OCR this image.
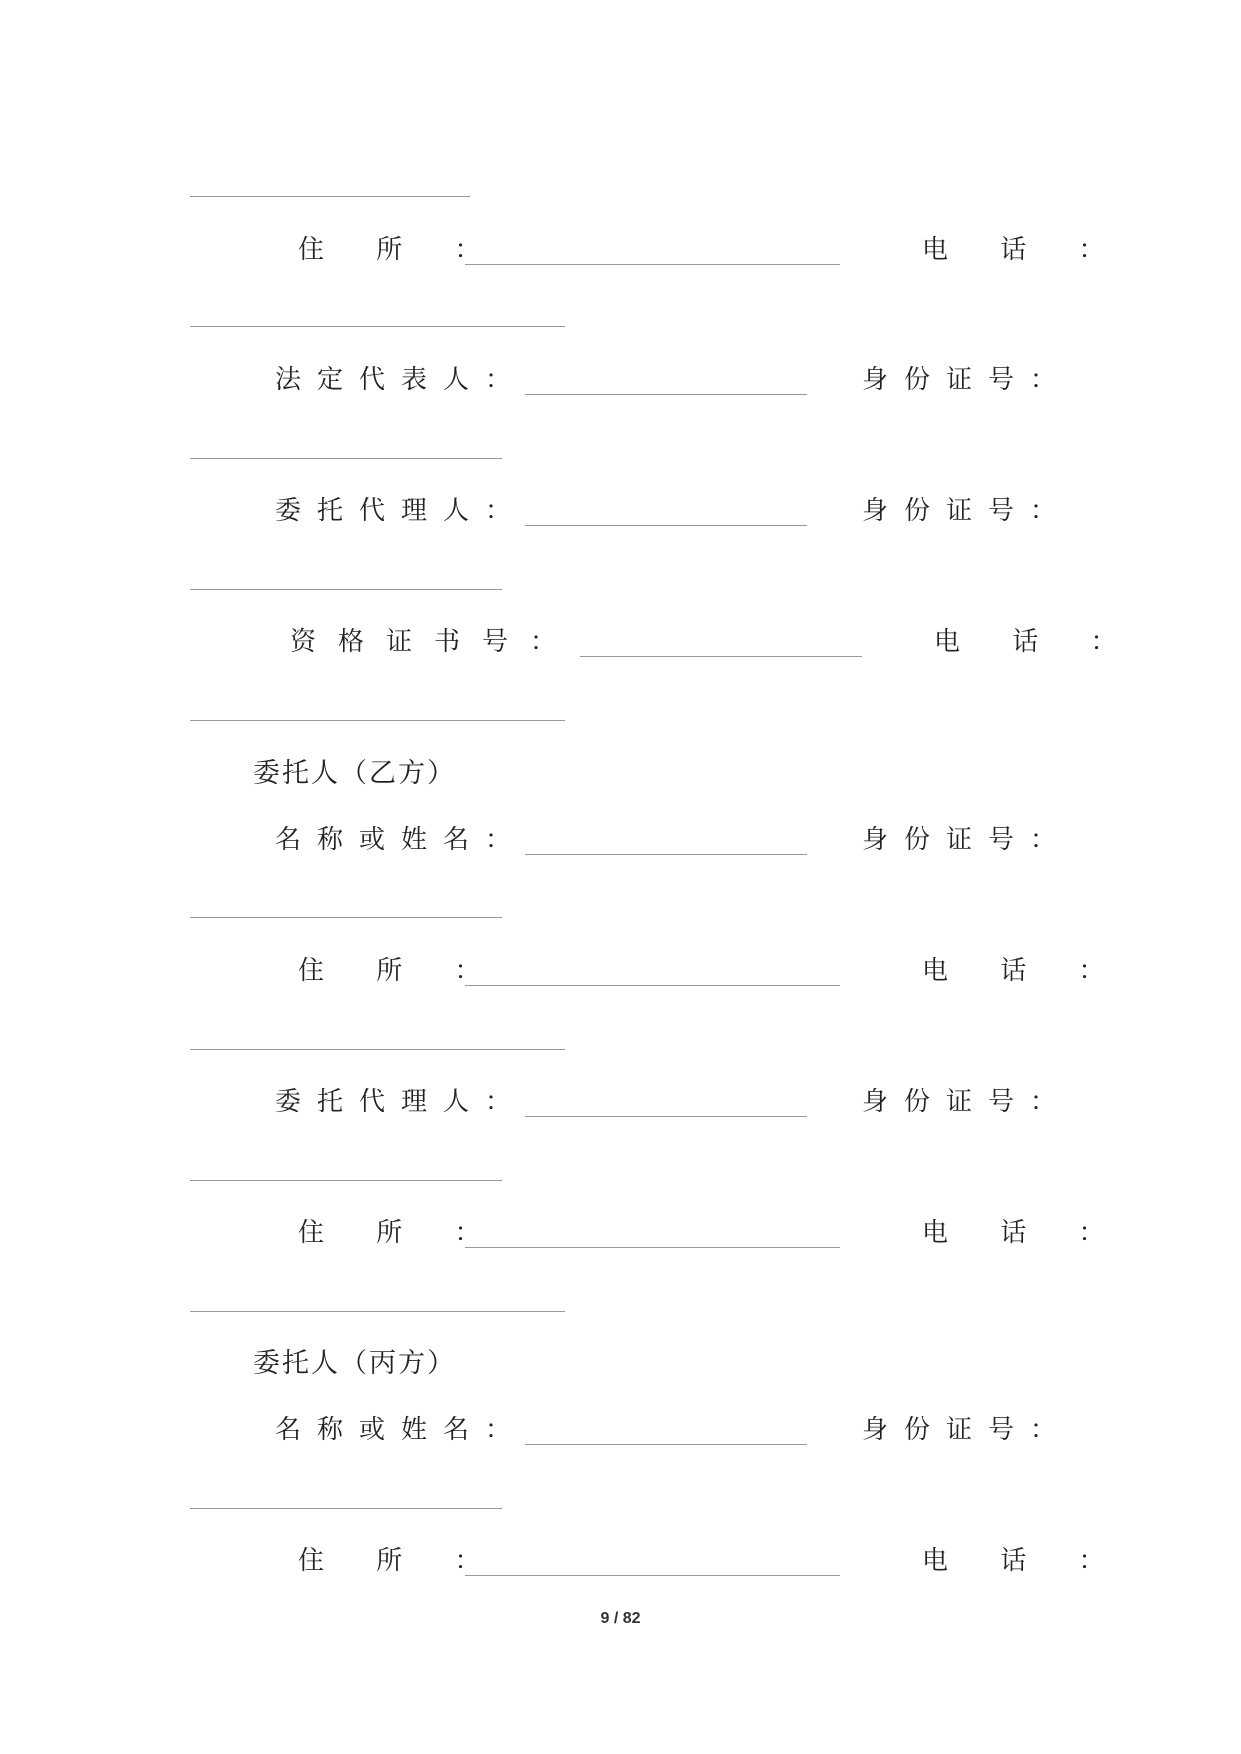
住 所 ：	电 话 ：
法定代表人：	身份证号：
委托代理人：	身份证号：
资格证书号：	电 话 ：
委托人（乙方）
名称或姓名：	身份证号：
住 所 ：	电 话 ：
委托代理人：	身份证号：
住 所 ：	电 话 ：
委托人（丙方）
名称或姓名：	身份证号：
住 所 ：	电 话 ：
9 / 82
